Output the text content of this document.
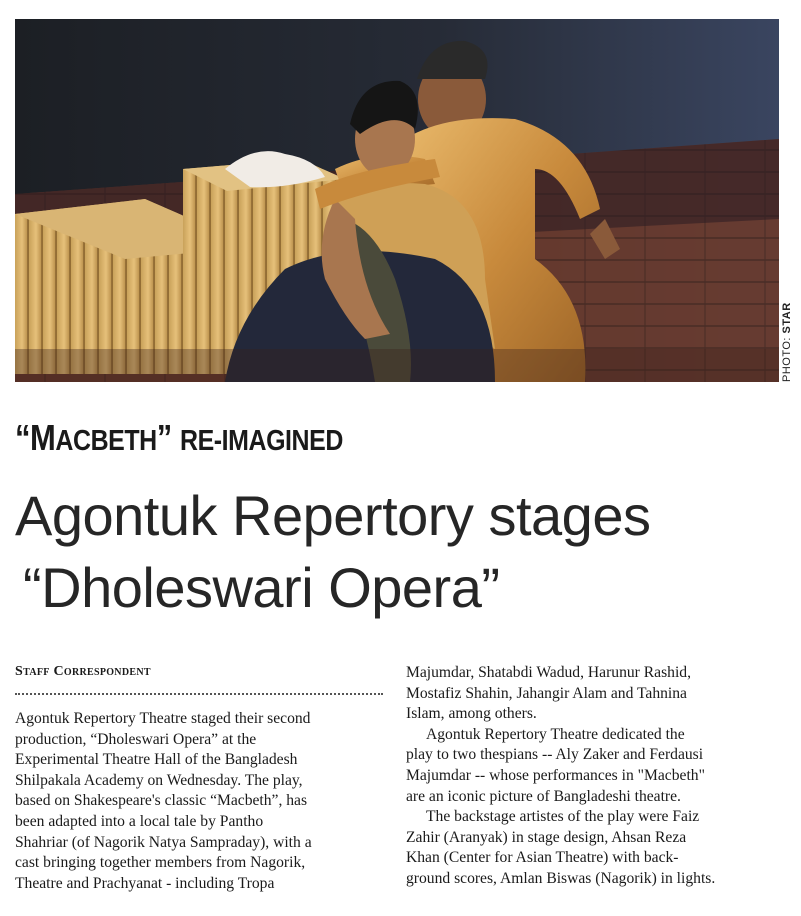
PHOTO: STAR
“MACBETH” RE-IMAGINED
Agontuk Repertory stages
“Dholeswari Opera”
Staff Correspondent

Agontuk Repertory Theatre staged their second
production, “Dholeswari Opera” at the
Experimental Theatre Hall of the Bangladesh
Shilpakala Academy on Wednesday. The play,
based on Shakespeare's classic “Macbeth”, has
been adapted into a local tale by Pantho
Shahriar (of Nagorik Natya Sampraday), with a
cast bringing together members from Nagorik,
Theatre and Prachyanat - including Tropa

Majumdar, Shatabdi Wadud, Harunur Rashid,
Mostafiz Shahin, Jahangir Alam and Tahnina
Islam, among others.

Agontuk Repertory Theatre dedicated the
play to two thespians -- Aly Zaker and Ferdausi
Majumdar -- whose performances in "Macbeth"
are an iconic picture of Bangladeshi theatre.

The backstage artistes of the play were Faiz
Zahir (Aranyak) in stage design, Ahsan Reza
Khan (Center for Asian Theatre) with back-
ground scores, Amlan Biswas (Nagorik) in lights.
